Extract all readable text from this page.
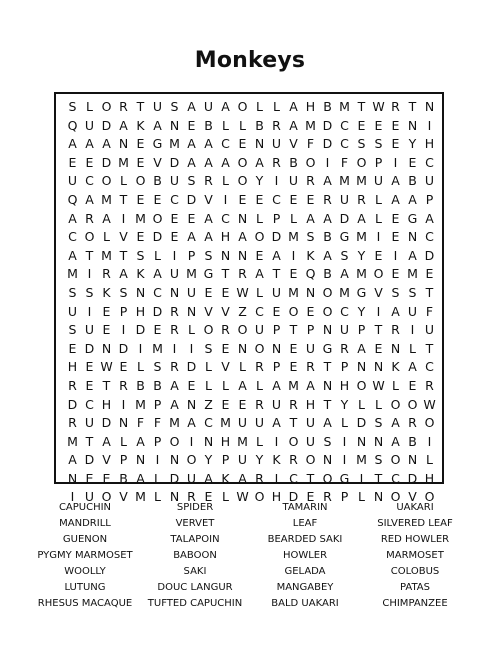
Monkeys
S L O R T U S A U A O L L A H B M T W R T N
Q U D A K A N E B L L B R A M D C E E E N I
A A A N E G M A A C E N U V F D C S S E Y H
E E D M E V D A A A O A R B O I F O P I E C
U C O L O B U S R L O Y I U R A M M U A B U
Q A M T E E C D V I E E C E E R U R L A A P
A R A I M O E E A C N L P L A A D A L E G A
C O L V E D E A A H A O D M S B G M I E N C
A T M T S L I P S N N E A I K A S Y E I A D
M I R A K A U M G T R A T E Q B A M O E M E
S S K S N C N U E E W L U M N O M G V S S T
U I E P H D R N V V Z C E O E O C Y I A U F
S U E I D E R L O R O U P T P N U P T R I U
E D N D I M I	I S E N O N E U G R A E N L T
H E W E L S R D L V L R P E R T P N N K A C
R E T R B B A E L L A L A M A N H O W L E R
D C H I M P A N Z E E R U R H T Y L L O O W
R U D N F F M A C M U U A T U A L D S A R O
M T A L A P O I N H M L I O U S I N N A B I
A D V P N I N O Y P U Y K R O N I M S O N L
N E E B A L D U A K A R I C T O G I T C D H
I U O V M L N R E L W O H D E R P L N O V O
CAPUCHIN	SPIDER	TAMARIN	UAKARI
MANDRILL	VERVET	LEAF	SILVERED LEAF
GUENON	TALAPOIN	BEARDED SAKI	RED HOWLER
PYGMY MARMOSET	BABOON	HOWLER	MARMOSET
WOOLLY	SAKI	GELADA	COLOBUS
LUTUNG	DOUC LANGUR	MANGABEY	PATAS
RHESUS MACAQUE	TUFTED CAPUCHIN	BALD UAKARI	CHIMPANZEE
